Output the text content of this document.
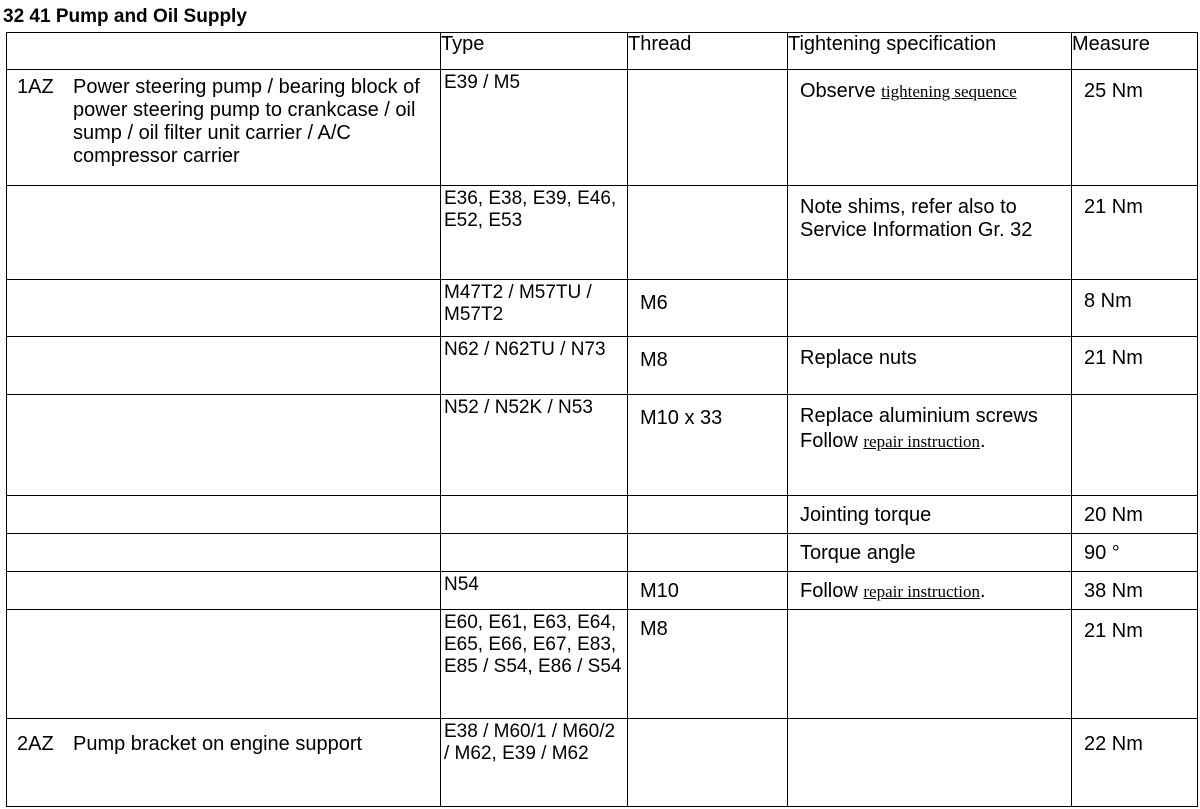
32 41 Pump and Oil Supply
	Type	Thread	Tightening specification	Measure

1AZ Power steering pump / bearing block of power steering pump to crankcase / oil sump / oil filter unit carrier / A/C compressor carrier	E39 / M5		Observe tightening sequence	25 Nm

	E36, E38, E39, E46, E52, E53		Note shims, refer also to Service Information Gr. 32	21 Nm

	M47T2 / M57TU / M57T2	M6		8 Nm

	N62 / N62TU / N73	M8	Replace nuts	21 Nm

	N52 / N52K / N53	M10 x 33	Replace aluminium screws
Follow repair instruction.	

			Jointing torque	20 Nm

			Torque angle	90 °

	N54	M10	Follow repair instruction.	38 Nm

	E60, E61, E63, E64, E65, E66, E67, E83, E85 / S54, E86 / S54	M8		21 Nm

2AZ Pump bracket on engine support	E38 / M60/1 / M60/2 / M62, E39 / M62			22 Nm
